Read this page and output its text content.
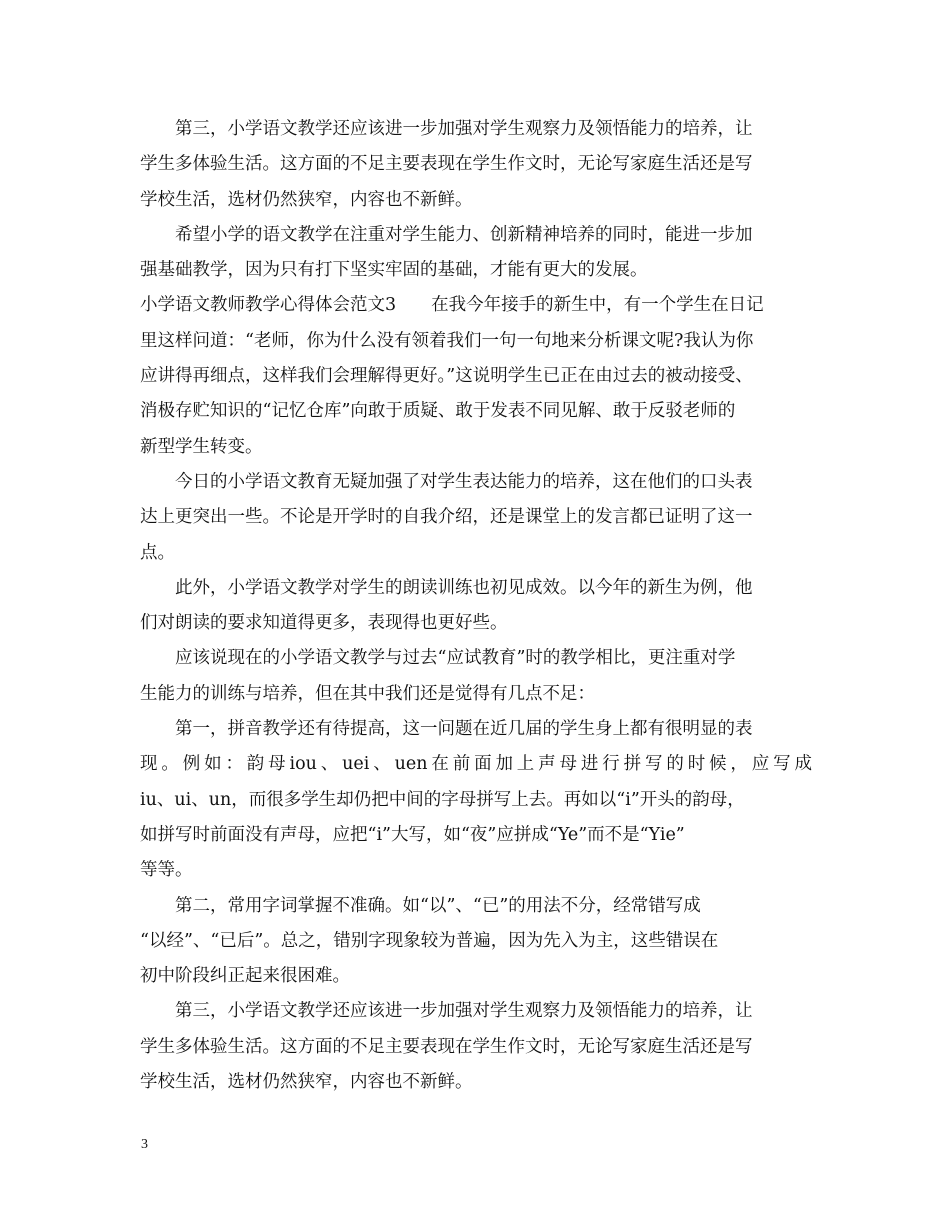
　　第三，小学语文教学还应该进一步加强对学生观察力及领悟能力的培养，让
学生多体验生活。这方面的不足主要表现在学生作文时，无论写家庭生活还是写
学校生活，选材仍然狭窄，内容也不新鲜。
　　希望小学的语文教学在注重对学生能力、创新精神培养的同时，能进一步加
强基础教学，因为只有打下坚实牢固的基础，才能有更大的发展。
小学语文教师教学心得体会范文3　　在我今年接手的新生中，有一个学生在日记
里这样问道：“老师，你为什么没有领着我们一句一句地来分析课文呢?我认为你
应讲得再细点，这样我们会理解得更好。”这说明学生已正在由过去的被动接受、
消极存贮知识的“记忆仓库”向敢于质疑、敢于发表不同见解、敢于反驳老师的
新型学生转变。
　　今日的小学语文教育无疑加强了对学生表达能力的培养，这在他们的口头表
达上更突出一些。不论是开学时的自我介绍，还是课堂上的发言都已证明了这一
点。
　　此外，小学语文教学对学生的朗读训练也初见成效。以今年的新生为例，他
们对朗读的要求知道得更多，表现得也更好些。
　　应该说现在的小学语文教学与过去“应试教育”时的教学相比，更注重对学
生能力的训练与培养，但在其中我们还是觉得有几点不足：
　　第一，拼音教学还有待提高，这一问题在近几届的学生身上都有很明显的表
现。例如：韵母iou、uei、uen在前面加上声母进行拼写的时候，应写成
iu、ui、un，而很多学生却仍把中间的字母拼写上去。再如以“i”开头的韵母，
如拼写时前面没有声母，应把“i”大写，如“夜”应拼成“Ye”而不是“Yie”
等等。
　　第二，常用字词掌握不准确。如“以”、“已”的用法不分，经常错写成
“以经”、“已后”。总之，错别字现象较为普遍，因为先入为主，这些错误在
初中阶段纠正起来很困难。
　　第三，小学语文教学还应该进一步加强对学生观察力及领悟能力的培养，让
学生多体验生活。这方面的不足主要表现在学生作文时，无论写家庭生活还是写
学校生活，选材仍然狭窄，内容也不新鲜。
3
